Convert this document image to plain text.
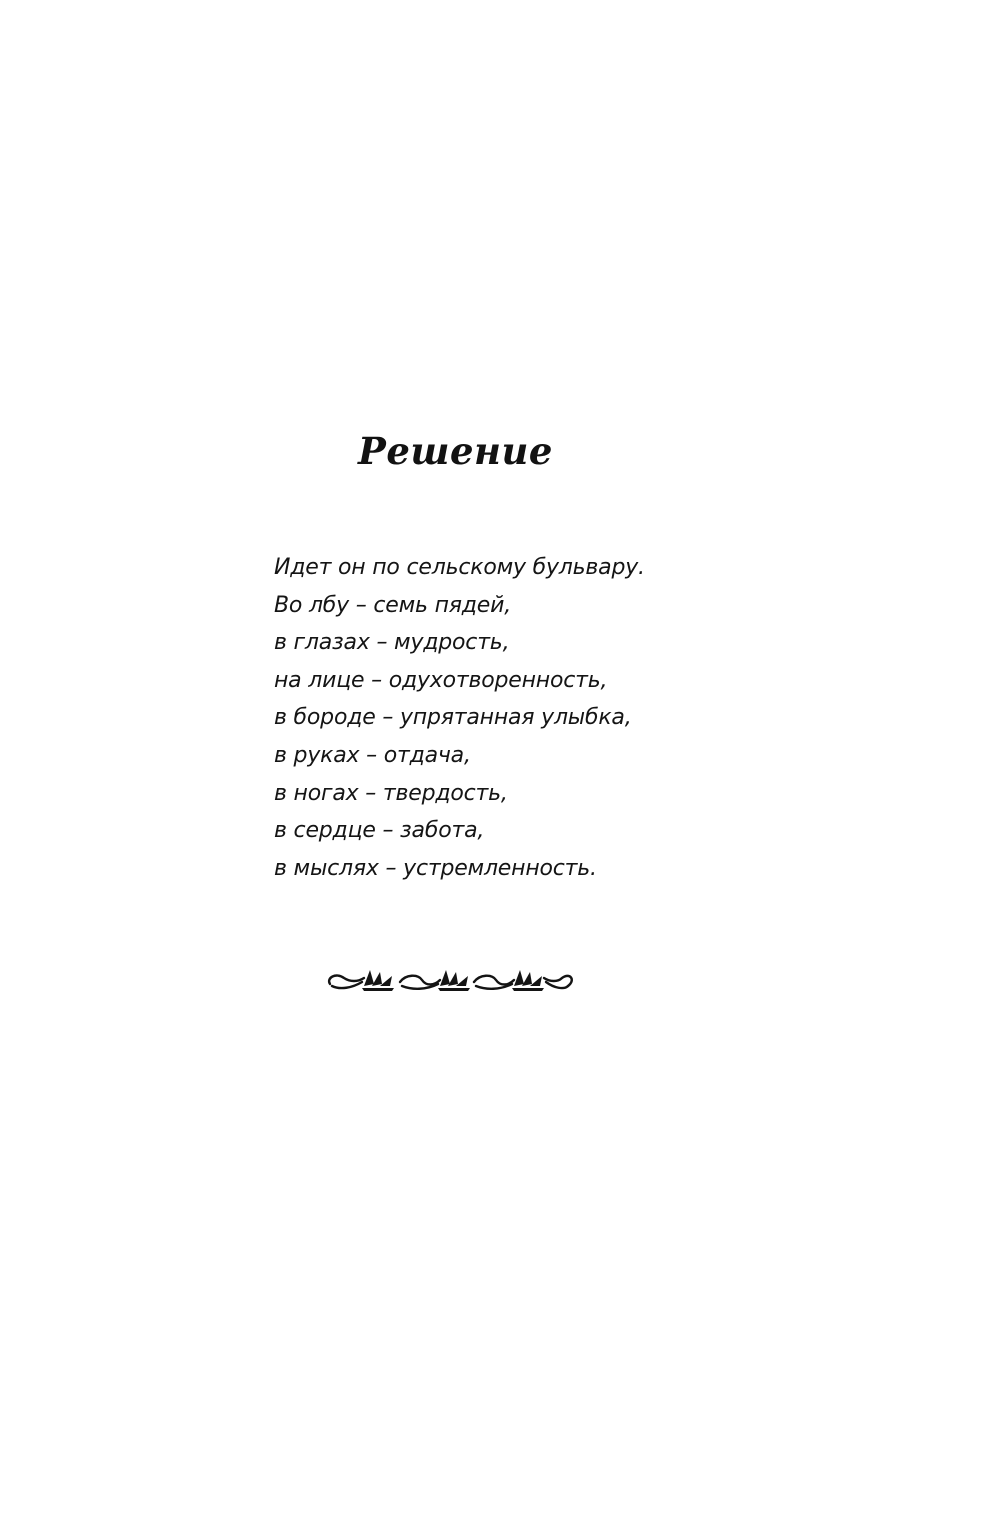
Решение
Идет он по сельскому бульвару.
Во лбу – семь пядей,
в глазах – мудрость,
на лице – одухотворенность,
в бороде – упрятанная улыбка,
в руках – отдача,
в ногах – твердость,
в сердце – забота,
в мыслях – устремленность.
